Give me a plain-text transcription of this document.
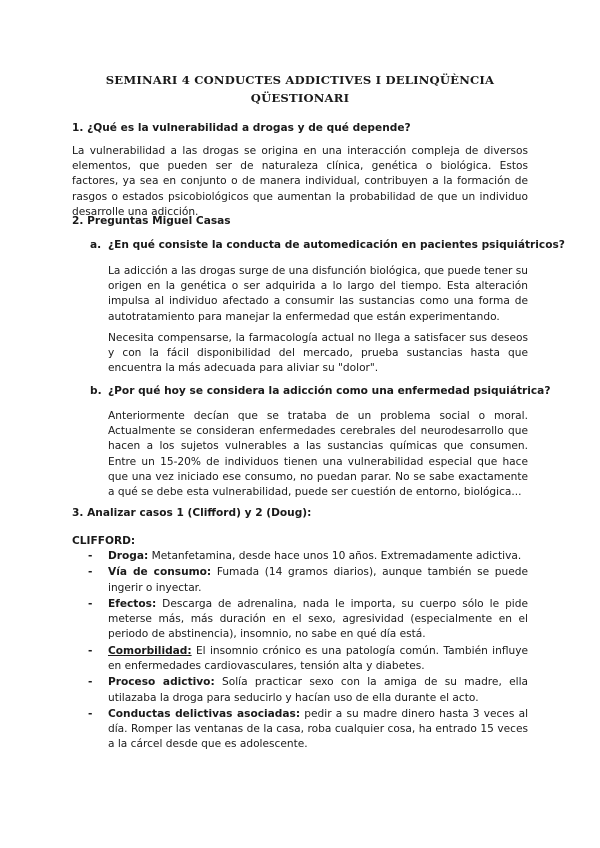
SEMINARI 4 CONDUCTES ADDICTIVES I DELINQÜÈNCIA
QÜESTIONARI
1. ¿Qué es la vulnerabilidad a drogas y de qué depende?
La vulnerabilidad a las drogas se origina en una interacción compleja de diversos elementos, que pueden ser de naturaleza clínica, genética o biológica. Estos factores, ya sea en conjunto o de manera individual, contribuyen a la formación de rasgos o estados psicobiológicos que aumentan la probabilidad de que un individuo desarrolle una adicción.
2. Preguntas Miguel Casas
a. ¿En qué consiste la conducta de automedicación en pacientes psiquiátricos?
La adicción a las drogas surge de una disfunción biológica, que puede tener su origen en la genética o ser adquirida a lo largo del tiempo. Esta alteración impulsa al individuo afectado a consumir las sustancias como una forma de autotratamiento para manejar la enfermedad que están experimentando.
Necesita compensarse, la farmacología actual no llega a satisfacer sus deseos y con la fácil disponibilidad del mercado, prueba sustancias hasta que encuentra la más adecuada para aliviar su "dolor".
b. ¿Por qué hoy se considera la adicción como una enfermedad psiquiátrica?
Anteriormente decían que se trataba de un problema social o moral. Actualmente se consideran enfermedades cerebrales del neurodesarrollo que hacen a los sujetos vulnerables a las sustancias químicas que consumen. Entre un 15-20% de individuos tienen una vulnerabilidad especial que hace que una vez iniciado ese consumo, no puedan parar. No se sabe exactamente a qué se debe esta vulnerabilidad, puede ser cuestión de entorno, biológica...
3. Analizar casos 1 (Clifford) y 2 (Doug):
CLIFFORD:
- Droga: Metanfetamina, desde hace unos 10 años. Extremadamente adictiva.
- Vía de consumo: Fumada (14 gramos diarios), aunque también se puede ingerir o inyectar.
- Efectos: Descarga de adrenalina, nada le importa, su cuerpo sólo le pide meterse más, más duración en el sexo, agresividad (especialmente en el periodo de abstinencia), insomnio, no sabe en qué día está.
- Comorbilidad: El insomnio crónico es una patología común. También influye en enfermedades cardiovasculares, tensión alta y diabetes.
- Proceso adictivo: Solía practicar sexo con la amiga de su madre, ella utilazaba la droga para seducirlo y hacían uso de ella durante el acto.
- Conductas delictivas asociadas: pedir a su madre dinero hasta 3 veces al día. Romper las ventanas de la casa, roba cualquier cosa, ha entrado 15 veces a la cárcel desde que es adolescente.
